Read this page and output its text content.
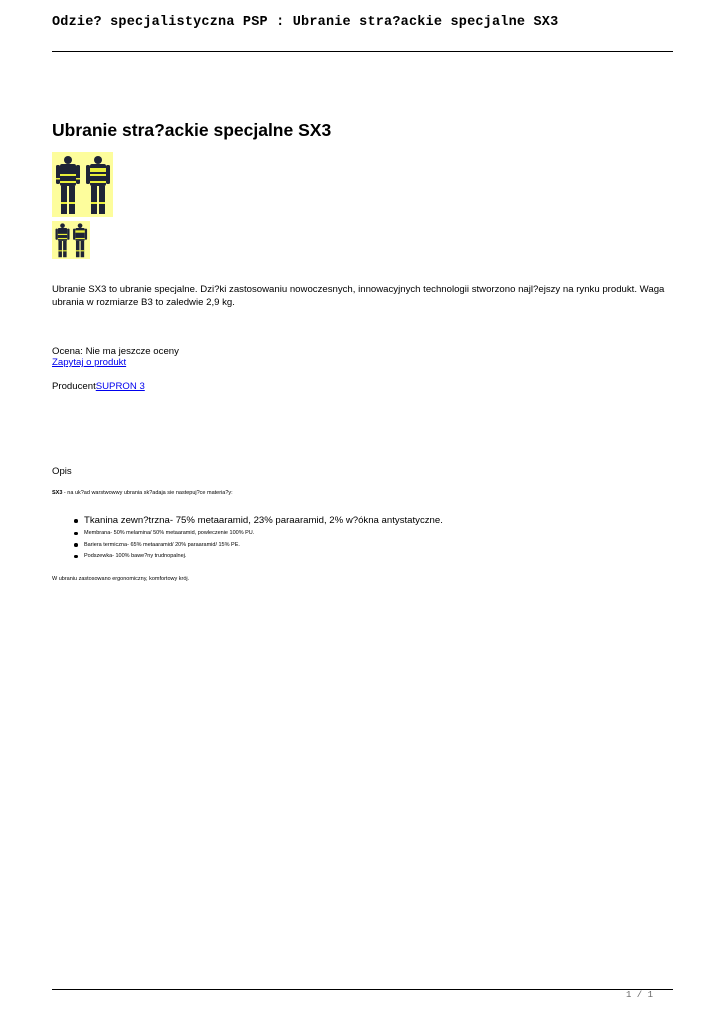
Odzie? specjalistyczna PSP : Ubranie stra?ackie specjalne SX3
Ubranie stra?ackie specjalne SX3

Ubranie SX3 to ubranie specjalne. Dzi?ki zastosowaniu nowoczesnych, innowacyjnych technologii stworzono najl?ejszy na rynku produkt. Waga ubrania w rozmiarze B3 to zaledwie 2,9 kg.

Ocena: Nie ma jeszcze oceny
Zapytaj o produkt
ProducentSUPRON 3
Opis
SX3 - na uk?ad warstwowwy ubrania sk?adaja sie nastepuj?ce materia?y:
Tkanina zewn?trzna- 75% metaaramid, 23% paraaramid, 2% w?ókna antystatyczne.
Membrana- 50% melamina/ 50% metaaramid, powleczenie 100% PU.
Bariera termiczna- 65% metaaramid/ 20% paraaramid/ 15% PE.
Podszewka- 100% bawe?ny trudnopalnej.
W ubraniu zastosowano ergonomiczny, komfortowy krój.
1 / 1
